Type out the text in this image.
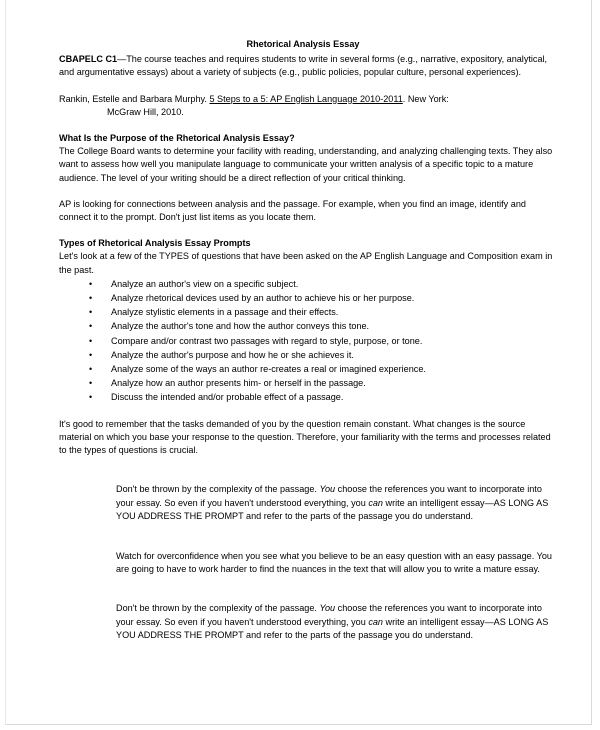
Rhetorical Analysis Essay

CBAPELC C1—The course teaches and requires students to write in several forms (e.g., narrative, expository, analytical, and argumentative essays) about a variety of subjects (e.g., public policies, popular culture, personal experiences).

Rankin, Estelle and Barbara Murphy. 5 Steps to a 5: AP English Language 2010-2011. New York:

McGraw Hill, 2010.

What Is the Purpose of the Rhetorical Analysis Essay?

The College Board wants to determine your facility with reading, understanding, and analyzing challenging texts. They also want to assess how well you manipulate language to communicate your written analysis of a specific topic to a mature audience. The level of your writing should be a direct reflection of your critical thinking.

AP is looking for connections between analysis and the passage. For example, when you find an image, identify and connect it to the prompt. Don't just list items as you locate them.

Types of Rhetorical Analysis Essay Prompts

Let's look at a few of the TYPES of questions that have been asked on the AP English Language and Composition exam in the past.

• Analyze an author's view on a specific subject.
• Analyze rhetorical devices used by an author to achieve his or her purpose.
• Analyze stylistic elements in a passage and their effects.
• Analyze the author's tone and how the author conveys this tone.
• Compare and/or contrast two passages with regard to style, purpose, or tone.
• Analyze the author's purpose and how he or she achieves it.
• Analyze some of the ways an author re-creates a real or imagined experience.
• Analyze how an author presents him- or herself in the passage.
• Discuss the intended and/or probable effect of a passage.

It's good to remember that the tasks demanded of you by the question remain constant. What changes is the source material on which you base your response to the question. Therefore, your familiarity with the terms and processes related to the types of questions is crucial.

Don't be thrown by the complexity of the passage. You choose the references you want to incorporate into your essay. So even if you haven't understood everything, you can write an intelligent essay—AS LONG AS YOU ADDRESS THE PROMPT and refer to the parts of the passage you do understand.

Watch for overconfidence when you see what you believe to be an easy question with an easy passage. You are going to have to work harder to find the nuances in the text that will allow you to write a mature essay.

Don't be thrown by the complexity of the passage. You choose the references you want to incorporate into your essay. So even if you haven't understood everything, you can write an intelligent essay—AS LONG AS YOU ADDRESS THE PROMPT and refer to the parts of the passage you do understand.
